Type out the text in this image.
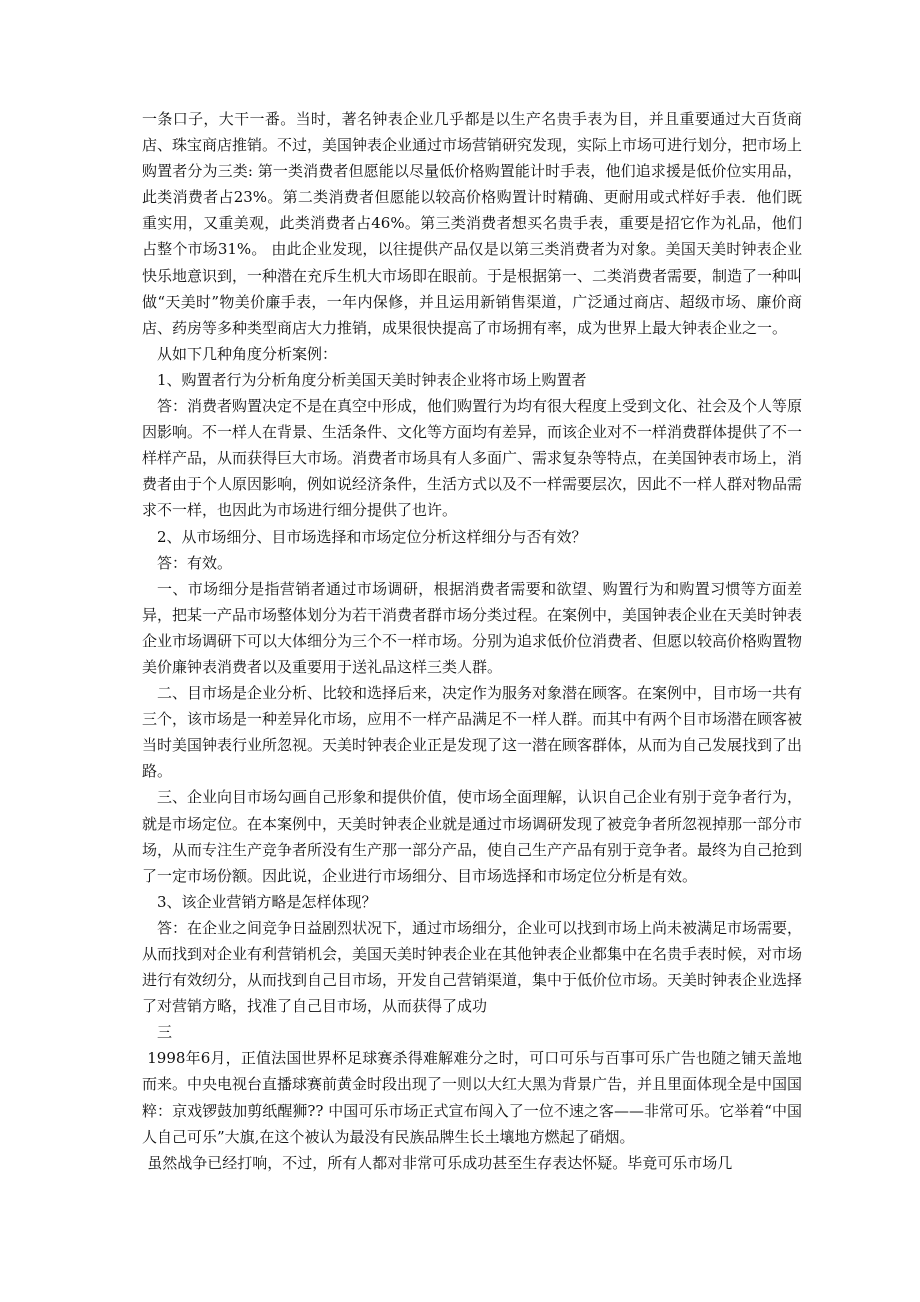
一条口子，大干一番。当时，著名钟表企业几乎都是以生产名贵手表为目，并且重要通过大百货商店、珠宝商店推销。不过，美国钟表企业通过市场营销研究发现，实际上市场可进行划分，把市场上购置者分为三类: 第一类消费者但愿能以尽量低价格购置能计时手表，他们追求援是低价位实用品，此类消费者占23%。第二类消费者但愿能以较高价格购置计时精确、更耐用或式样好手表．他们既重实用，又重美观，此类消费者占46%。第三类消费者想买名贵手表，重要是招它作为礼品，他们占整个市场31%。 由此企业发现，以往提供产品仅是以第三类消费者为对象。美国天美时钟表企业快乐地意识到，一种潜在充斥生机大市场即在眼前。于是根据第一、二类消费者需要，制造了一种叫做“天美时”物美价廉手表，一年内保修，并且运用新销售渠道，广泛通过商店、超级市场、廉价商店、药房等多种类型商店大力推销，成果很快提高了市场拥有率，成为世界上最大钟表企业之一。

从如下几种角度分析案例：

1、购置者行为分析角度分析美国天美时钟表企业将市场上购置者

答：消费者购置决定不是在真空中形成，他们购置行为均有很大程度上受到文化、社会及个人等原因影响。不一样人在背景、生活条件、文化等方面均有差异，而该企业对不一样消费群体提供了不一样样产品，从而获得巨大市场。消费者市场具有人多面广、需求复杂等特点，在美国钟表市场上，消费者由于个人原因影响，例如说经济条件，生活方式以及不一样需要层次，因此不一样人群对物品需求不一样，也因此为市场进行细分提供了也许。

2、从市场细分、目市场选择和市场定位分析这样细分与否有效？

答：有效。

一、市场细分是指营销者通过市场调研，根据消费者需要和欲望、购置行为和购置习惯等方面差异，把某一产品市场整体划分为若干消费者群市场分类过程。在案例中，美国钟表企业在天美时钟表企业市场调研下可以大体细分为三个不一样市场。分别为追求低价位消费者、但愿以较高价格购置物美价廉钟表消费者以及重要用于送礼品这样三类人群。

二、目市场是企业分析、比较和选择后来，决定作为服务对象潜在顾客。在案例中，目市场一共有三个，该市场是一种差异化市场，应用不一样产品满足不一样人群。而其中有两个目市场潜在顾客被当时美国钟表行业所忽视。天美时钟表企业正是发现了这一潜在顾客群体，从而为自己发展找到了出路。

三、企业向目市场勾画自己形象和提供价值，使市场全面理解，认识自己企业有别于竞争者行为，就是市场定位。在本案例中，天美时钟表企业就是通过市场调研发现了被竞争者所忽视掉那一部分市场，从而专注生产竞争者所没有生产那一部分产品，使自己生产产品有别于竞争者。最终为自己抢到了一定市场份额。因此说，企业进行市场细分、目市场选择和市场定位分析是有效。

3、该企业营销方略是怎样体现？

答：在企业之间竞争日益剧烈状况下，通过市场细分，企业可以找到市场上尚未被满足市场需要，从而找到对企业有利营销机会，美国天美时钟表企业在其他钟表企业都集中在名贵手表时候，对市场进行有效纫分，从而找到自己目市场，开发自己营销渠道，集中于低价位市场。天美时钟表企业选择了对营销方略，找准了自己目市场，从而获得了成功

三

1998年6月，正值法国世界杯足球赛杀得难解难分之时，可口可乐与百事可乐广告也随之铺天盖地而来。中央电视台直播球赛前黄金时段出现了一则以大红大黑为背景广告，并且里面体现全是中国国粹：京戏锣鼓加剪纸醒狮?? 中国可乐市场正式宣布闯入了一位不速之客——非常可乐。它举着“中国人自己可乐”大旗,在这个被认为最没有民族品牌生长土壤地方燃起了硝烟。

虽然战争已经打响，不过，所有人都对非常可乐成功甚至生存表达怀疑。毕竟可乐市场几
